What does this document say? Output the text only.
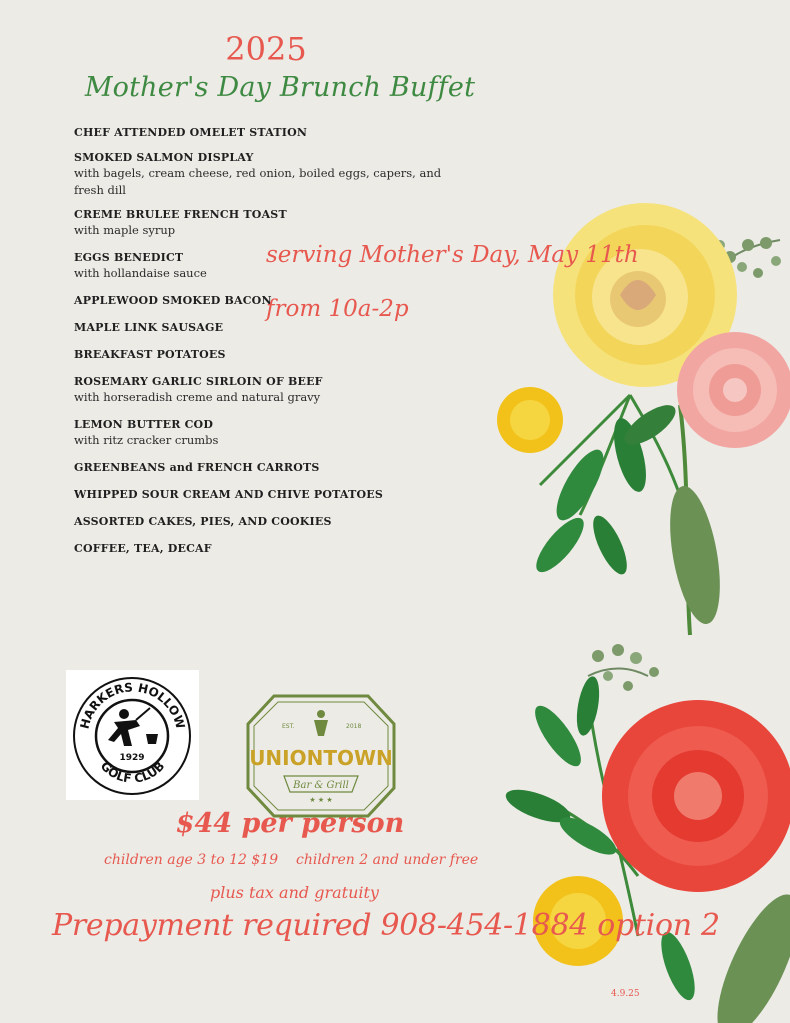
2025
Mother's Day Brunch Buffet
CHEF ATTENDED OMELET STATION
SMOKED SALMON DISPLAY
with bagels, cream cheese, red onion, boiled eggs, capers, and fresh dill
CREME BRULEE FRENCH TOAST
with maple syrup
EGGS BENEDICT
with hollandaise sauce
APPLEWOOD SMOKED BACON
MAPLE LINK SAUSAGE
BREAKFAST POTATOES
ROSEMARY GARLIC SIRLOIN OF BEEF
with horseradish creme and natural gravy
LEMON BUTTER COD
with ritz cracker crumbs
GREENBEANS and FRENCH CARROTS
WHIPPED SOUR CREAM AND CHIVE POTATOES
ASSORTED CAKES, PIES, AND COOKIES
COFFEE, TEA, DECAF
serving Mother's Day, May 11th
from 10a-2p
HARKERS HOLLOW
GOLF CLUB
1929
EST.	2018
UNIONTOWN
Bar & Grill
★ ★ ★
$44 per person
children age 3 to 12 $19 children 2 and under free
plus tax and gratuity
Prepayment required 908-454-1884 option 2
4.9.25
